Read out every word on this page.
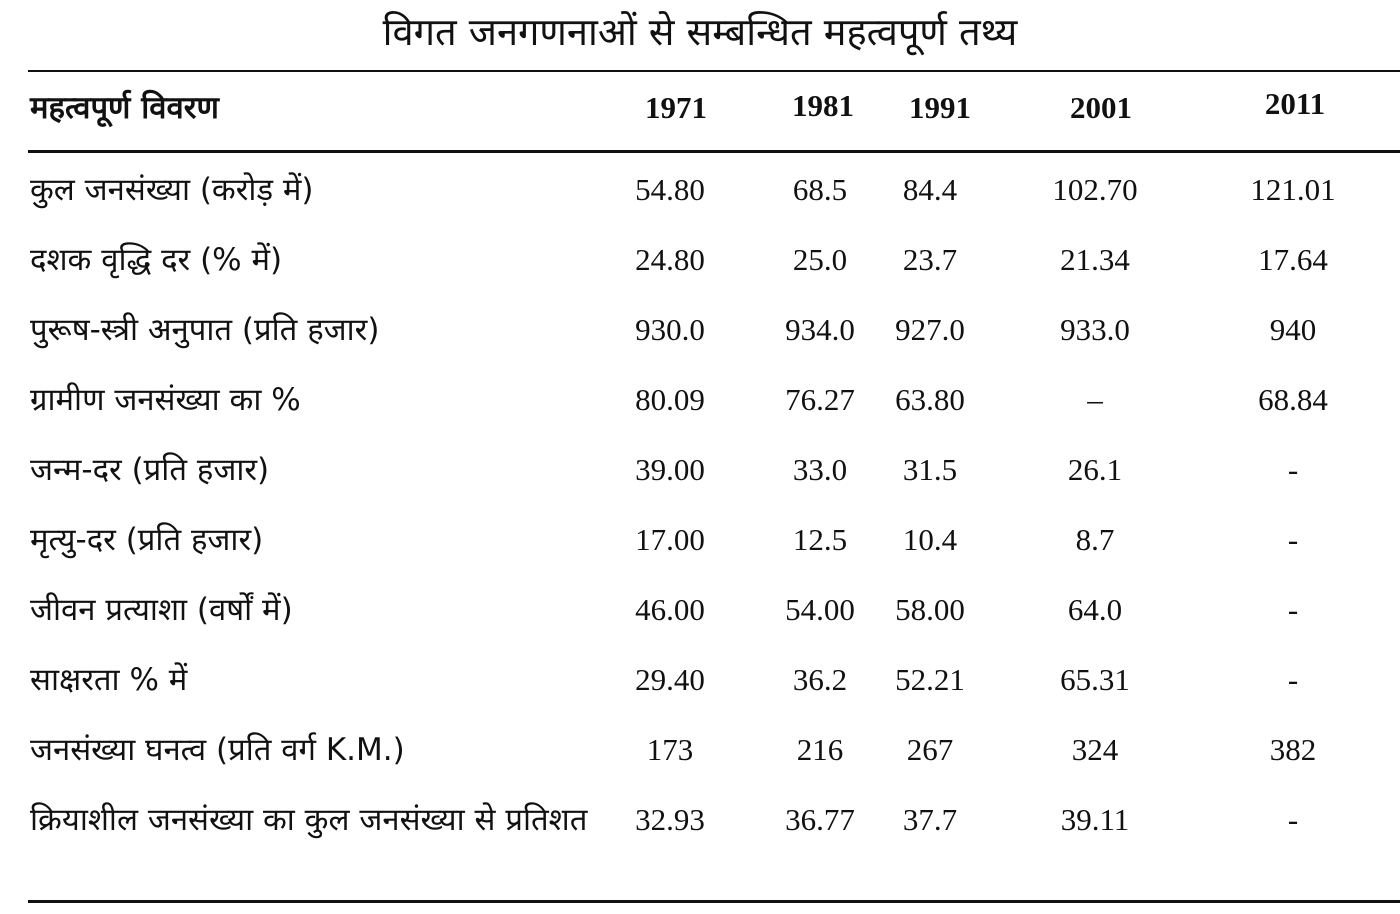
विगत जनगणनाओं से सम्बन्धित महत्वपूर्ण तथ्य
महत्वपूर्ण विवरण	1971	1981	1991	2001	2011
कुल जनसंख्या (करोड़ में)	54.80	68.5	84.4	102.70	121.01
दशक वृद्धि दर (% में)	24.80	25.0	23.7	21.34	17.64
पुरूष-स्त्री अनुपात (प्रति हजार)	930.0	934.0	927.0	933.0	940
ग्रामीण जनसंख्या का %	80.09	76.27	63.80	–	68.84
जन्म-दर (प्रति हजार)	39.00	33.0	31.5	26.1	-
मृत्यु-दर (प्रति हजार)	17.00	12.5	10.4	8.7	-
जीवन प्रत्याशा (वर्षों में)	46.00	54.00	58.00	64.0	-
साक्षरता % में	29.40	36.2	52.21	65.31	-
जनसंख्या घनत्व (प्रति वर्ग K.M.)	173	216	267	324	382
क्रियाशील जनसंख्या का कुल जनसंख्या से प्रतिशत	32.93	36.77	37.7	39.11	-
